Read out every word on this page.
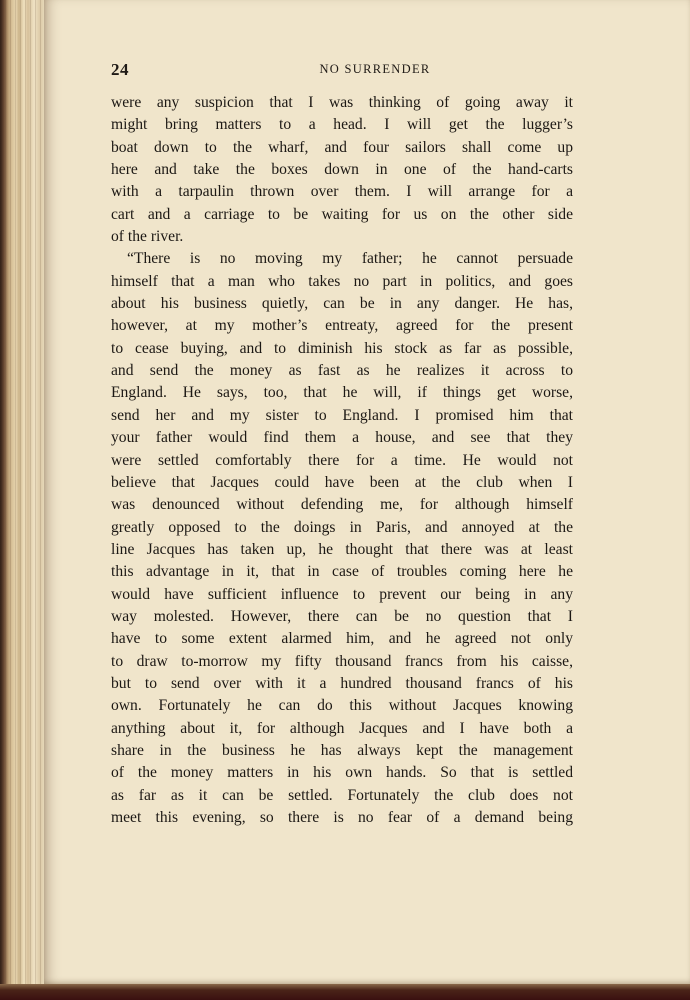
24	NO SURRENDER
were any suspicion that I was thinking of going away it
might bring matters to a head. I will get the lugger’s
boat down to the wharf, and four sailors shall come up
here and take the boxes down in one of the hand-carts
with a tarpaulin thrown over them. I will arrange for a
cart and a carriage to be waiting for us on the other side
of the river.
“There is no moving my father; he cannot persuade
himself that a man who takes no part in politics, and goes
about his business quietly, can be in any danger. He has,
however, at my mother’s entreaty, agreed for the present
to cease buying, and to diminish his stock as far as possible,
and send the money as fast as he realizes it across to
England. He says, too, that he will, if things get worse,
send her and my sister to England. I promised him that
your father would find them a house, and see that they
were settled comfortably there for a time. He would not
believe that Jacques could have been at the club when I
was denounced without defending me, for although himself
greatly opposed to the doings in Paris, and annoyed at the
line Jacques has taken up, he thought that there was at least
this advantage in it, that in case of troubles coming here he
would have sufficient influence to prevent our being in any
way molested. However, there can be no question that I
have to some extent alarmed him, and he agreed not only
to draw to-morrow my fifty thousand francs from his caisse,
but to send over with it a hundred thousand francs of his
own. Fortunately he can do this without Jacques knowing
anything about it, for although Jacques and I have both a
share in the business he has always kept the management
of the money matters in his own hands. So that is settled
as far as it can be settled. Fortunately the club does not
meet this evening, so there is no fear of a demand being
